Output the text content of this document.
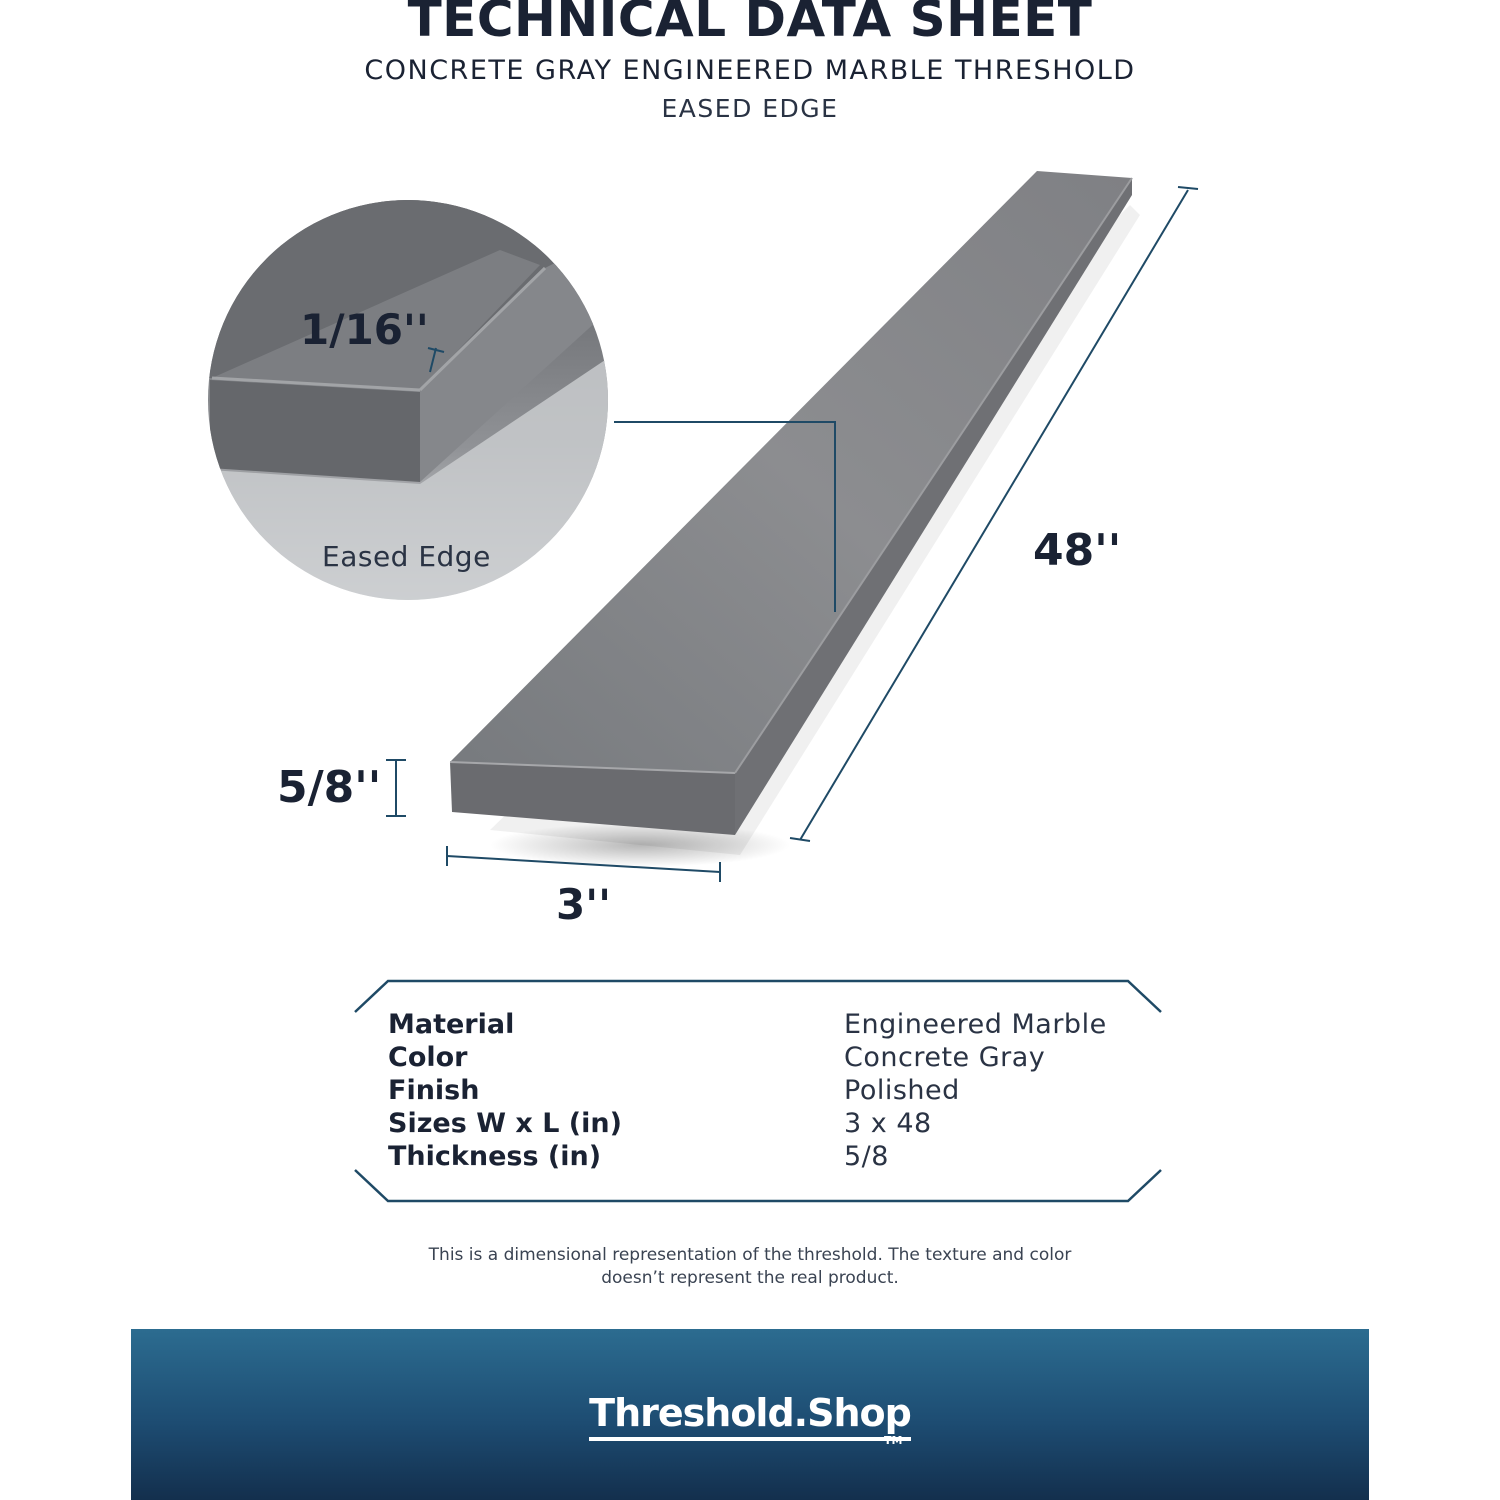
TECHNICAL DATA SHEET
CONCRETE GRAY ENGINEERED MARBLE THRESHOLD
EASED EDGE
1/16''
48''
5/8''
3''
Eased Edge
Material	Engineered Marble
Color	Concrete Gray
Finish	Polished
Sizes W x L (in)	3 x 48
Thickness (in)	5/8
This is a dimensional representation of the threshold. The texture and color
doesn’t represent the real product.
Threshold.Shop
TM
